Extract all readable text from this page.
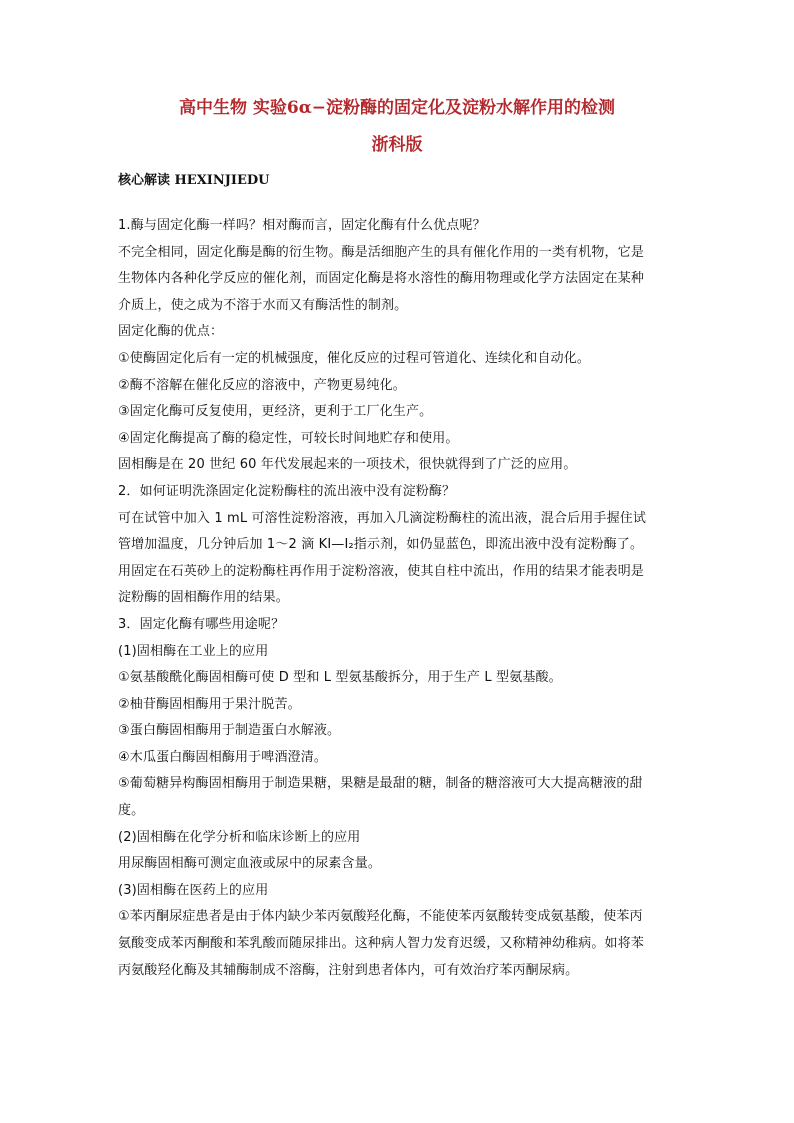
高中生物 实验6α−淀粉酶的固定化及淀粉水解作用的检测
浙科版
核心解读 HEXINJIEDU
1.酶与固定化酶一样吗？相对酶而言，固定化酶有什么优点呢？
不完全相同，固定化酶是酶的衍生物。酶是活细胞产生的具有催化作用的一类有机物，它是
生物体内各种化学反应的催化剂，而固定化酶是将水溶性的酶用物理或化学方法固定在某种
介质上，使之成为不溶于水而又有酶活性的制剂。
固定化酶的优点：
①使酶固定化后有一定的机械强度，催化反应的过程可管道化、连续化和自动化。
②酶不溶解在催化反应的溶液中，产物更易纯化。
③固定化酶可反复使用，更经济，更利于工厂化生产。
④固定化酶提高了酶的稳定性，可较长时间地贮存和使用。
固相酶是在 20 世纪 60 年代发展起来的一项技术，很快就得到了广泛的应用。
2．如何证明洗涤固定化淀粉酶柱的流出液中没有淀粉酶？
可在试管中加入 1 mL 可溶性淀粉溶液，再加入几滴淀粉酶柱的流出液，混合后用手握住试
管增加温度，几分钟后加 1～2 滴 KI—I₂指示剂，如仍显蓝色，即流出液中没有淀粉酶了。
用固定在石英砂上的淀粉酶柱再作用于淀粉溶液，使其自柱中流出，作用的结果才能表明是
淀粉酶的固相酶作用的结果。
3．固定化酶有哪些用途呢？
(1)固相酶在工业上的应用
①氨基酸酰化酶固相酶可使 D 型和 L 型氨基酸拆分，用于生产 L 型氨基酸。
②柚苷酶固相酶用于果汁脱苦。
③蛋白酶固相酶用于制造蛋白水解液。
④木瓜蛋白酶固相酶用于啤酒澄清。
⑤葡萄糖异构酶固相酶用于制造果糖，果糖是最甜的糖，制备的糖溶液可大大提高糖液的甜
度。
(2)固相酶在化学分析和临床诊断上的应用
用尿酶固相酶可测定血液或尿中的尿素含量。
(3)固相酶在医药上的应用
①苯丙酮尿症患者是由于体内缺少苯丙氨酸羟化酶，不能使苯丙氨酸转变成氨基酸，使苯丙
氨酸变成苯丙酮酸和苯乳酸而随尿排出。这种病人智力发育迟缓，又称精神幼稚病。如将苯
丙氨酸羟化酶及其辅酶制成不溶酶，注射到患者体内，可有效治疗苯丙酮尿病。
